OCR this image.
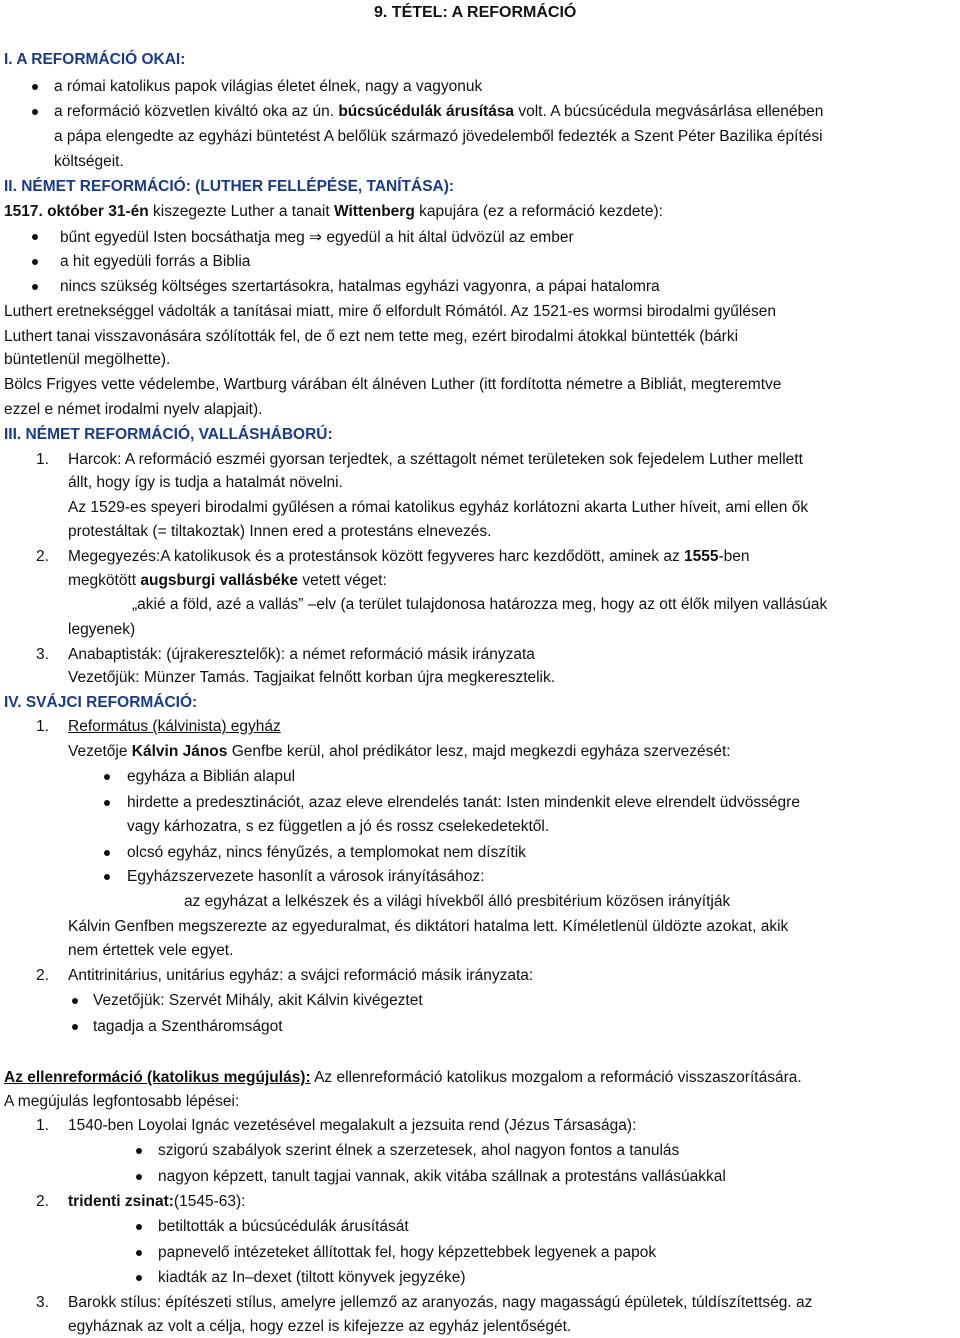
9. TÉTEL: A REFORMÁCIÓ
I. A REFORMÁCIÓ OKAI:
a római katolikus papok világias életet élnek, nagy a vagyonuk
a reformáció közvetlen kiváltó oka az ún. búcsúcédulák árusítása volt. A búcsúcédula megvásárlása ellenében
a pápa elengedte az egyházi büntetést A belőlük származó jövedelemből fedezték a Szent Péter Bazilika építési
költségeit.
II. NÉMET REFORMÁCIÓ: (LUTHER FELLÉPÉSE, TANÍTÁSA):
1517. október 31-én kiszegezte Luther a tanait Wittenberg kapujára (ez a reformáció kezdete):
bűnt egyedül Isten bocsáthatja meg ⇒ egyedül a hit által üdvözül az ember
a hit egyedüli forrás a Biblia
nincs szükség költséges szertartásokra, hatalmas egyházi vagyonra, a pápai hatalomra
Luthert eretnekséggel vádolták a tanításai miatt, mire ő elfordult Rómától. Az 1521-es wormsi birodalmi gyűlésen
Luthert tanai visszavonására szólították fel, de ő ezt nem tette meg, ezért birodalmi átokkal büntették (bárki
büntetlenül megölhette).
Bölcs Frigyes vette védelembe, Wartburg várában élt álnéven Luther (itt fordította németre a Bibliát, megteremtve
ezzel e német irodalmi nyelv alapjait).
III. NÉMET REFORMÁCIÓ, VALLÁSHÁBORÚ:
1. Harcok: A reformáció eszméi gyorsan terjedtek, a széttagolt német területeken sok fejedelem Luther mellett
állt, hogy így is tudja a hatalmát növelni.
Az 1529-es speyeri birodalmi gyűlésen a római katolikus egyház korlátozni akarta Luther híveit, ami ellen ők
protestáltak (= tiltakoztak) Innen ered a protestáns elnevezés.
2. Megegyezés:A katolikusok és a protestánsok között fegyveres harc kezdődött, aminek az 1555-ben
megkötött augsburgi vallásbéke vetett véget:
„akié a föld, azé a vallás” –elv (a terület tulajdonosa határozza meg, hogy az ott élők milyen vallásúak
legyenek)
3. Anabaptisták: (újrakeresztelők): a német reformáció másik irányzata
Vezetőjük: Münzer Tamás. Tagjaikat felnőtt korban újra megkeresztelik.
IV. SVÁJCI REFORMÁCIÓ:
1. Református (kálvinista) egyház
Vezetője Kálvin János Genfbe kerül, ahol prédikátor lesz, majd megkezdi egyháza szervezését:
egyháza a Biblián alapul
hirdette a predesztinációt, azaz eleve elrendelés tanát: Isten mindenkit eleve elrendelt üdvösségre
vagy kárhozatra, s ez független a jó és rossz cselekedetektől.
olcsó egyház, nincs fényűzés, a templomokat nem díszítik
Egyházszervezete hasonlít a városok irányításához:
az egyházat a lelkészek és a világi hívekből álló presbitérium közösen irányítják
Kálvin Genfben megszerezte az egyeduralmat, és diktátori hatalma lett. Kíméletlenül üldözte azokat, akik
nem értettek vele egyet.
2. Antitrinitárius, unitárius egyház: a svájci reformáció másik irányzata:
Vezetőjük: Szervét Mihály, akit Kálvin kivégeztet
tagadja a Szentháromságot
Az ellenreformáció (katolikus megújulás): Az ellenreformáció katolikus mozgalom a reformáció visszaszorítására.
A megújulás legfontosabb lépései:
1. 1540-ben Loyolai Ignác vezetésével megalakult a jezsuita rend (Jézus Társasága):
szigorú szabályok szerint élnek a szerzetesek, ahol nagyon fontos a tanulás
nagyon képzett, tanult tagjai vannak, akik vitába szállnak a protestáns vallásúakkal
2. tridenti zsinat:(1545-63):
betiltották a búcsúcédulák árusítását
papnevelő intézeteket állítottak fel, hogy képzettebbek legyenek a papok
kiadták az In–dexet (tiltott könyvek jegyzéke)
3. Barokk stílus: építészeti stílus, amelyre jellemző az aranyozás, nagy magasságú épületek, túldíszítettség. az
egyháznak az volt a célja, hogy ezzel is kifejezze az egyház jelentőségét.
